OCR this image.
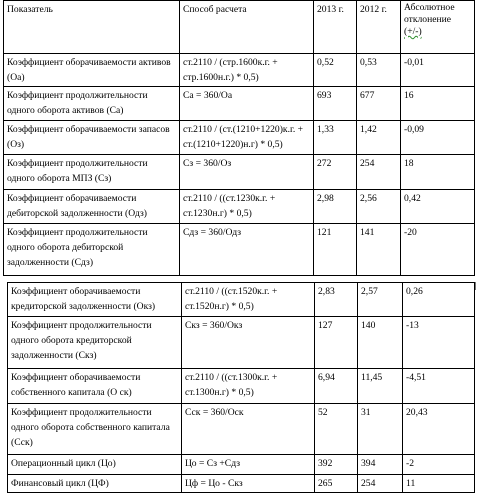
Показатель	Способ расчета	2013 г.	2012 г.	Абсолютное
отклонение
(+/-)

Коэффициент оборачиваемости активов (Оа)	ст.2110 / (стр.1600к.г. + стр.1600н.г.) * 0,5)	0,52	0,53	-0,01
Коэффициент продолжительности одного оборота активов (Са)	Са = 360/Оа	693	677	16
Коэффициент оборачиваемости запасов (Оз)	ст.2110 / (ст.(1210+1220)к.г. + ст.(1210+1220)н.г) * 0,5)	1,33	1,42	-0,09
Коэффициент продолжительности одного оборота МПЗ (Сз)	Сз = 360/Оз	272	254	18
Коэффициент оборачиваемости дебиторской задолженности (Одз)	ст.2110 / ((ст.1230к.г. + ст.1230н.г) * 0,5)	2,98	2,56	0,42
Коэффициент продолжительности одного оборота дебиторской задолженности (Сдз)	Сдз = 360/Одз	121	141	-20
Коэффициент оборачиваемости кредиторской задолженности (Окз)	ст.2110 / ((ст.1520к.г. + ст.1520н.г) * 0,5)	2,83	2,57	0,26
Коэффициент продолжительности одного оборота кредиторской задолженности (Скз)	Скз = 360/Окз	127	140	-13
Коэффициент оборачиваемости собственного капитала (О ск)	ст.2110 / ((ст.1300к.г. + ст.1300н.г) * 0,5)	6,94	11,45	-4,51
Коэффициент продолжительности одного оборота собственного капитала (Сск)	Сск = 360/Оск	52	31	20,43
Операционный цикл (Цо)	Цо = Сз +Сдз	392	394	-2
Финансовый цикл (ЦФ)	Цф = Цо - Скз	265	254	11
